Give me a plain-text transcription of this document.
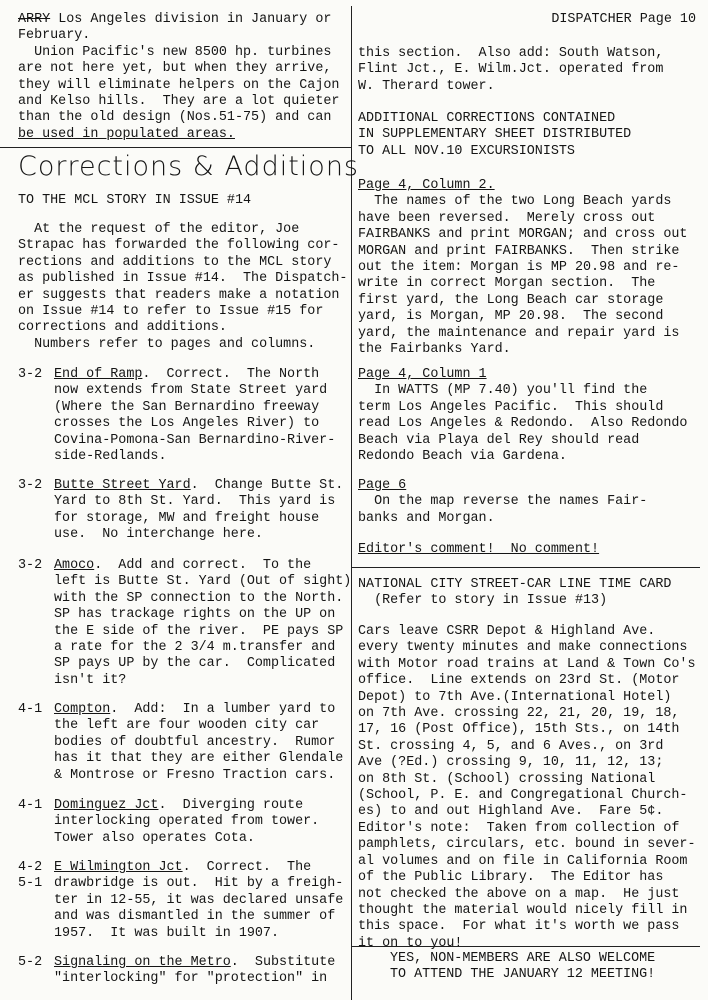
ARRY Los Angeles division in January or
February.
Union Pacific's new 8500 hp. turbines
are not here yet, but when they arrive,
they will eliminate helpers on the Cajon
and Kelso hills.  They are a lot quieter
than the old design (Nos.51-75) and can
be used in populated areas.
Corrections & Additions
TO THE MCL STORY IN ISSUE #14
At the request of the editor, Joe
Strapac has forwarded the following cor-
rections and additions to the MCL story
as published in Issue #14.  The Dispatch-
er suggests that readers make a notation
on Issue #14 to refer to Issue #15 for
corrections and additions.
Numbers refer to pages and columns.
3-2 End of Ramp.  Correct.  The North
now extends from State Street yard
(Where the San Bernardino freeway
crosses the Los Angeles River) to
Covina-Pomona-San Bernardino-River-
side-Redlands.
3-2 Butte Street Yard.  Change Butte St.
Yard to 8th St. Yard.  This yard is
for storage, MW and freight house
use.  No interchange here.
3-2 Amoco.  Add and correct.  To the
left is Butte St. Yard (Out of sight)
with the SP connection to the North.
SP has trackage rights on the UP on
the E side of the river.  PE pays SP
a rate for the 2 3/4 m.transfer and
SP pays UP by the car.  Complicated
isn't it?
4-1 Compton.  Add:  In a lumber yard to
the left are four wooden city car
bodies of doubtful ancestry.  Rumor
has it that they are either Glendale
& Montrose or Fresno Traction cars.
4-1 Dominguez Jct.  Diverging route
interlocking operated from tower.
Tower also operates Cota.
4-2
5-1
E Wilmington Jct.  Correct.  The
drawbridge is out.  Hit by a freigh-
ter in 12-55, it was declared unsafe
and was dismantled in the summer of
1957.  It was built in 1907.
5-2 Signaling on the Metro.  Substitute
"interlocking" for "protection" in
DISPATCHER Page 10
this section.  Also add: South Watson,
Flint Jct., E. Wilm.Jct. operated from
W. Therard tower.
ADDITIONAL CORRECTIONS CONTAINED
IN SUPPLEMENTARY SHEET DISTRIBUTED
TO ALL NOV.10 EXCURSIONISTS
Page 4, Column 2.
The names of the two Long Beach yards
have been reversed.  Merely cross out
FAIRBANKS and print MORGAN; and cross out
MORGAN and print FAIRBANKS.  Then strike
out the item: Morgan is MP 20.98 and re-
write in correct Morgan section.  The
first yard, the Long Beach car storage
yard, is Morgan, MP 20.98.  The second
yard, the maintenance and repair yard is
the Fairbanks Yard.
Page 4, Column 1
In WATTS (MP 7.40) you'll find the
term Los Angeles Pacific.  This should
read Los Angeles & Redondo.  Also Redondo
Beach via Playa del Rey should read
Redondo Beach via Gardena.
Page 6
On the map reverse the names Fair-
banks and Morgan.
Editor's comment!  No comment!
NATIONAL CITY STREET-CAR LINE TIME CARD
(Refer to story in Issue #13)
Cars leave CSRR Depot & Highland Ave.
every twenty minutes and make connections
with Motor road trains at Land & Town Co's
office.  Line extends on 23rd St. (Motor
Depot) to 7th Ave.(International Hotel)
on 7th Ave. crossing 22, 21, 20, 19, 18,
17, 16 (Post Office), 15th Sts., on 14th
St. crossing 4, 5, and 6 Aves., on 3rd
Ave (?Ed.) crossing 9, 10, 11, 12, 13;
on 8th St. (School) crossing National
(School, P. E. and Congregational Church-
es) to and out Highland Ave.  Fare 5¢.
Editor's note:  Taken from collection of
pamphlets, circulars, etc. bound in sever-
al volumes and on file in California Room
of the Public Library.  The Editor has
not checked the above on a map.  He just
thought the material would nicely fill in
this space.  For what it's worth we pass
it on to you!
YES, NON-MEMBERS ARE ALSO WELCOME
TO ATTEND THE JANUARY 12 MEETING!
